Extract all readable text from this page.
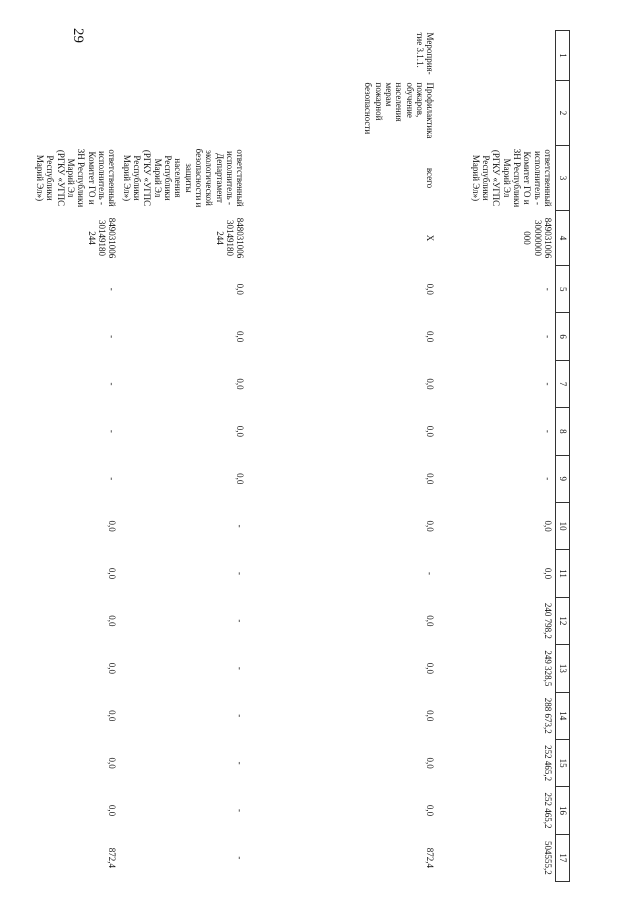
29
1	2	3	4	5	6	7	8	9	10	11	12	13	14	15	16	17
		ответственный исполнитель - Комитет ГО и ЗН Республики Марий Эл (РГКУ «УГПС Республики Марий Эл»)	849031006 30000000 000	-	-	-	-	-	0,0	0,0	240 798,2	249 328,5	288 673,2	252 465,2	252 465,2	504555,2
Мероприя-тие 3.1.1.	Профилактика пожаров, обучение населения мерам пожарной безопасности	всего	Х	0,0	0,0	0,0	0,0	0,0	0,0	-	0,0	0,0	0,0	0,0	0,0	872,4
		ответственный исполнитель - Департамент экологической безопасности и защиты населения Республики Марий Эл (РГКУ «УГПС Республики Марий Эл»)	848031006 30149180 244	0,0	0,0	0,0	0,0	0,0	-	-	-	-	-	-	-	-
		ответственный исполнитель - Комитет ГО и ЗН Республики Марий Эл (РГКУ «УГПС Республики Марий Эл»)	849031006 30149180 244	-	-	-	-	-	0,0	0,0	0,0	0,0	0,0	0,0	0,0	872,4
